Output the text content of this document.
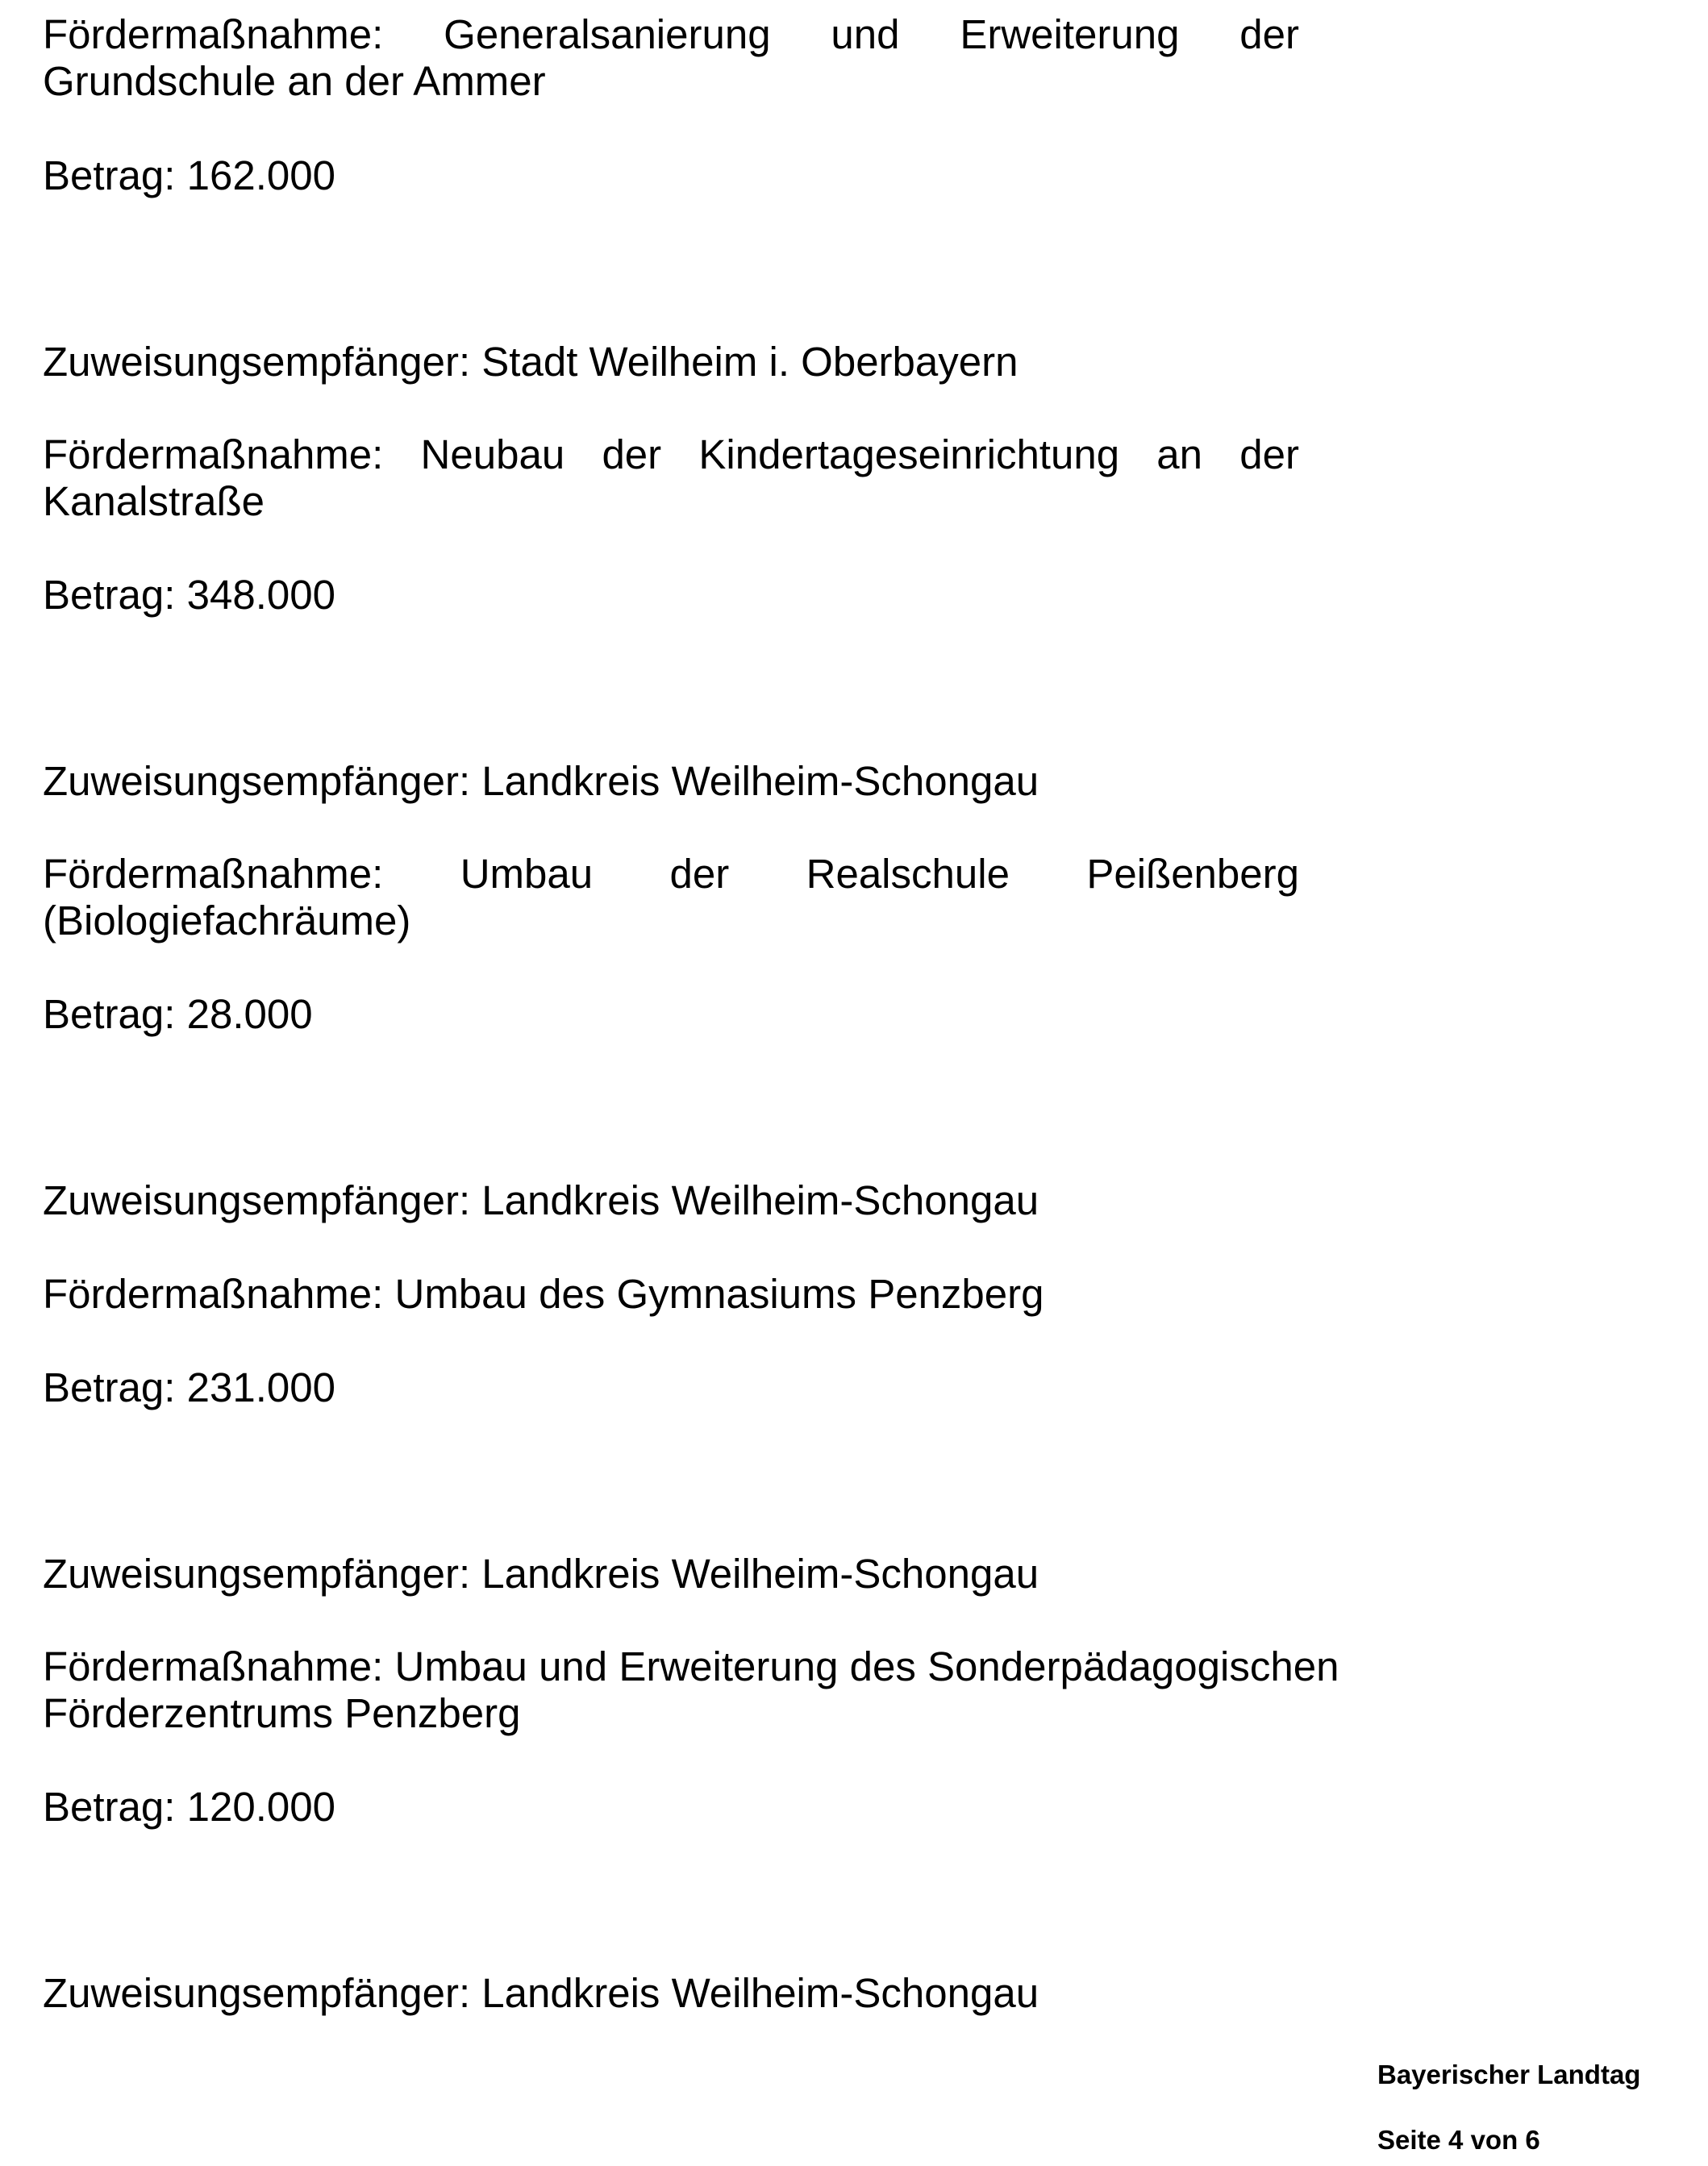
Fördermaßnahme: Generalsanierung und Erweiterung der
Grundschule an der Ammer
Betrag: 162.000
Zuweisungsempfänger: Stadt Weilheim i. Oberbayern
Fördermaßnahme: Neubau der Kindertageseinrichtung an der
Kanalstraße
Betrag: 348.000
Zuweisungsempfänger: Landkreis Weilheim-Schongau
Fördermaßnahme: Umbau der Realschule Peißenberg
(Biologiefachräume)
Betrag: 28.000
Zuweisungsempfänger: Landkreis Weilheim-Schongau
Fördermaßnahme: Umbau des Gymnasiums Penzberg
Betrag: 231.000
Zuweisungsempfänger: Landkreis Weilheim-Schongau
Fördermaßnahme: Umbau und Erweiterung des Sonderpädagogischen
Förderzentrums Penzberg
Betrag: 120.000
Zuweisungsempfänger: Landkreis Weilheim-Schongau
Bayerischer Landtag
Seite 4 von 6
